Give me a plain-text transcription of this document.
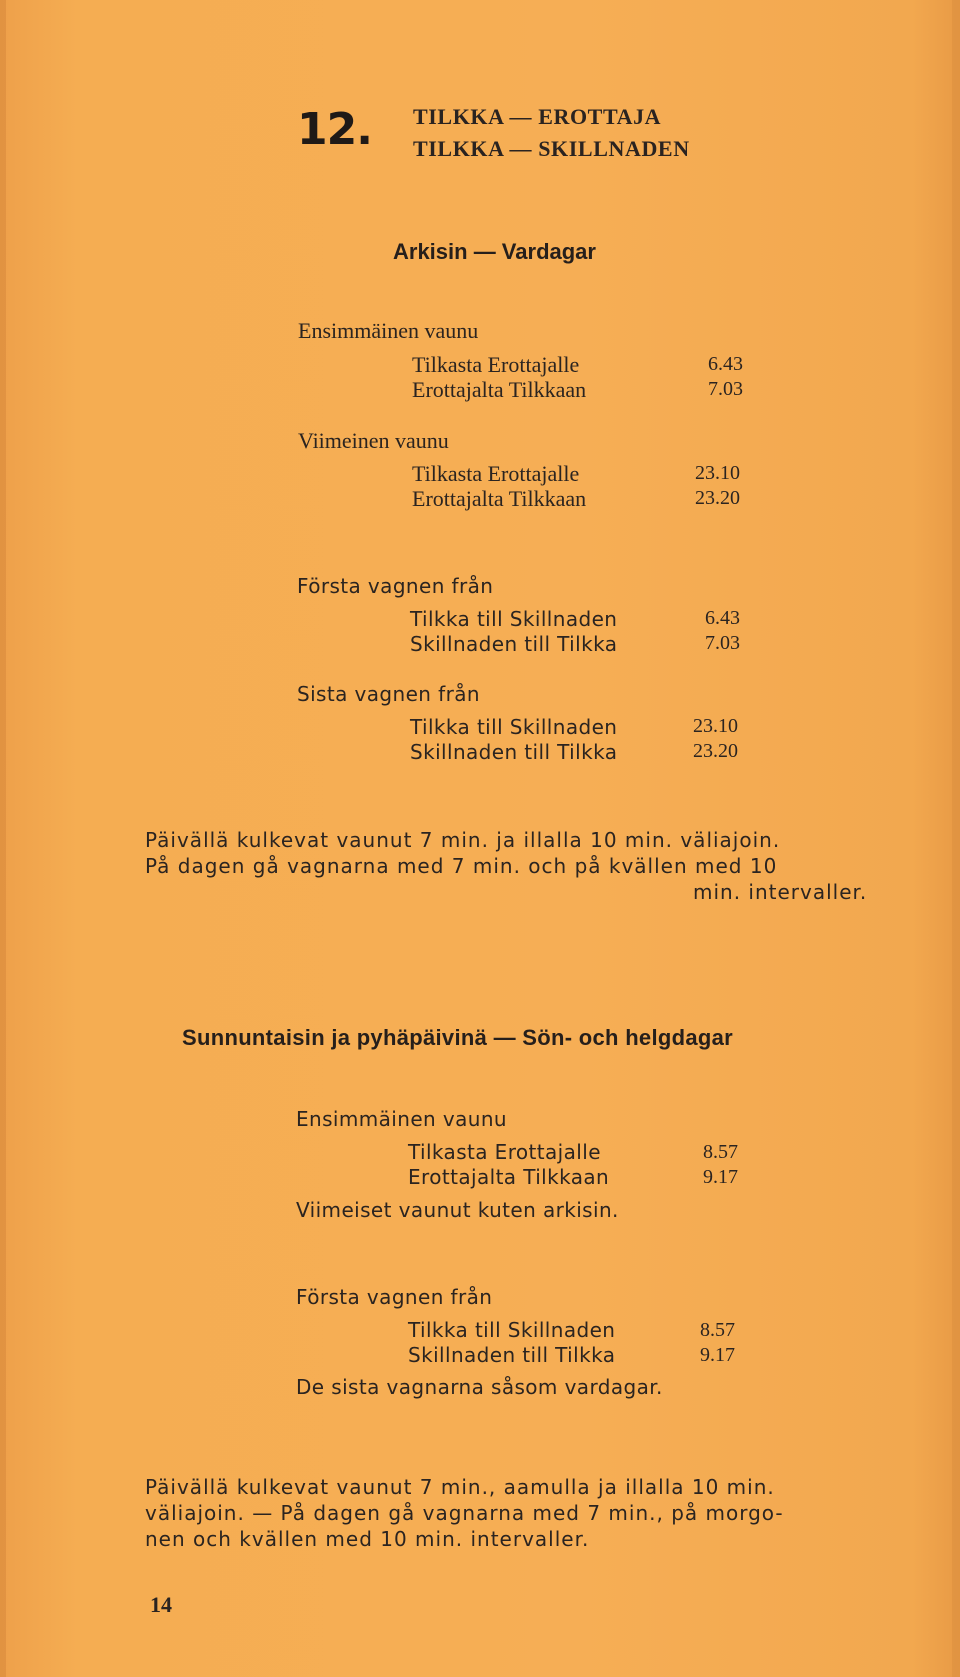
12. TILKKA — EROTTAJA
TILKKA — SKILLNADEN
Arkisin — Vardagar
Ensimmäinen vaunu
Tilkasta Erottajalle	6.43
Erottajalta Tilkkaan	7.03
Viimeinen vaunu
Tilkasta Erottajalle	23.10
Erottajalta Tilkkaan	23.20
Första vagnen från
Tilkka till Skillnaden	6.43
Skillnaden till Tilkka	7.03
Sista vagnen från
Tilkka till Skillnaden	23.10
Skillnaden till Tilkka	23.20
Päivällä kulkevat vaunut 7 min. ja illalla 10 min. väliajoin.
På dagen gå vagnarna med 7 min. och på kvällen med 10
min. intervaller.
Sunnuntaisin ja pyhäpäivinä — Sön- och helgdagar
Ensimmäinen vaunu
Tilkasta Erottajalle	8.57
Erottajalta Tilkkaan	9.17
Viimeiset vaunut kuten arkisin.
Första vagnen från
Tilkka till Skillnaden	8.57
Skillnaden till Tilkka	9.17
De sista vagnarna såsom vardagar.
Päivällä kulkevat vaunut 7 min., aamulla ja illalla 10 min.
väliajoin. — På dagen gå vagnarna med 7 min., på morgo-
nen och kvällen med 10 min. intervaller.
14
